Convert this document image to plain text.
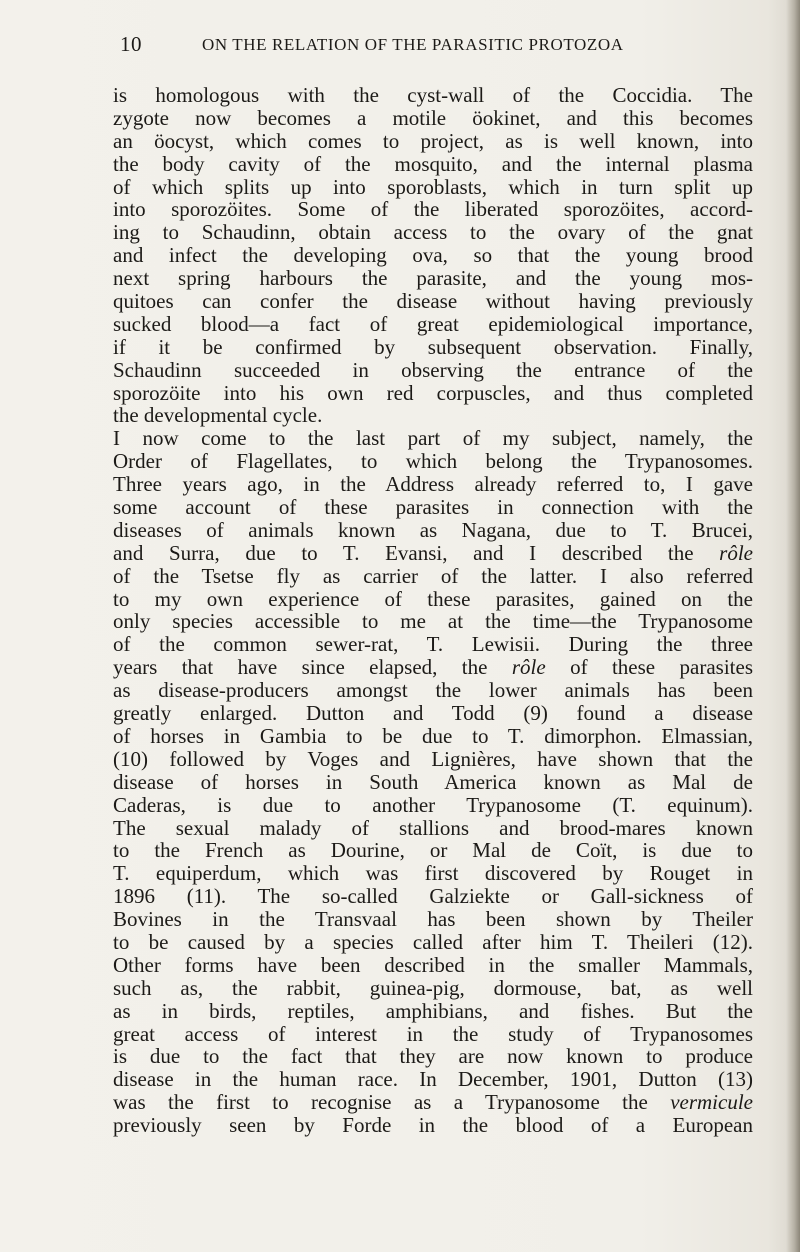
10	ON THE RELATION OF THE PARASITIC PROTOZOA
is homologous with the cyst-wall of the Coccidia. The
zygote now becomes a motile öokinet, and this becomes
an öocyst, which comes to project, as is well known, into
the body cavity of the mosquito, and the internal plasma
of which splits up into sporoblasts, which in turn split up
into sporozöites. Some of the liberated sporozöites, accord-
ing to Schaudinn, obtain access to the ovary of the gnat
and infect the developing ova, so that the young brood
next spring harbours the parasite, and the young mos-
quitoes can confer the disease without having previously
sucked blood—a fact of great epidemiological importance,
if it be confirmed by subsequent observation. Finally,
Schaudinn succeeded in observing the entrance of the
sporozöite into his own red corpuscles, and thus completed
the developmental cycle.
I now come to the last part of my subject, namely, the
Order of Flagellates, to which belong the Trypanosomes.
Three years ago, in the Address already referred to, I gave
some account of these parasites in connection with the
diseases of animals known as Nagana, due to T. Brucei,
and Surra, due to T. Evansi, and I described the rôle
of the Tsetse fly as carrier of the latter. I also referred
to my own experience of these parasites, gained on the
only species accessible to me at the time—the Trypanosome
of the common sewer-rat, T. Lewisii. During the three
years that have since elapsed, the rôle of these parasites
as disease-producers amongst the lower animals has been
greatly enlarged. Dutton and Todd (9) found a disease
of horses in Gambia to be due to T. dimorphon. Elmassian,
(10) followed by Voges and Lignières, have shown that the
disease of horses in South America known as Mal de
Caderas, is due to another Trypanosome (T. equinum).
The sexual malady of stallions and brood-mares known
to the French as Dourine, or Mal de Coït, is due to
T. equiperdum, which was first discovered by Rouget in
1896 (11). The so-called Galziekte or Gall-sickness of
Bovines in the Transvaal has been shown by Theiler
to be caused by a species called after him T. Theileri (12).
Other forms have been described in the smaller Mammals,
such as, the rabbit, guinea-pig, dormouse, bat, as well
as in birds, reptiles, amphibians, and fishes. But the
great access of interest in the study of Trypanosomes
is due to the fact that they are now known to produce
disease in the human race. In December, 1901, Dutton (13)
was the first to recognise as a Trypanosome the vermicule
previously seen by Forde in the blood of a European
